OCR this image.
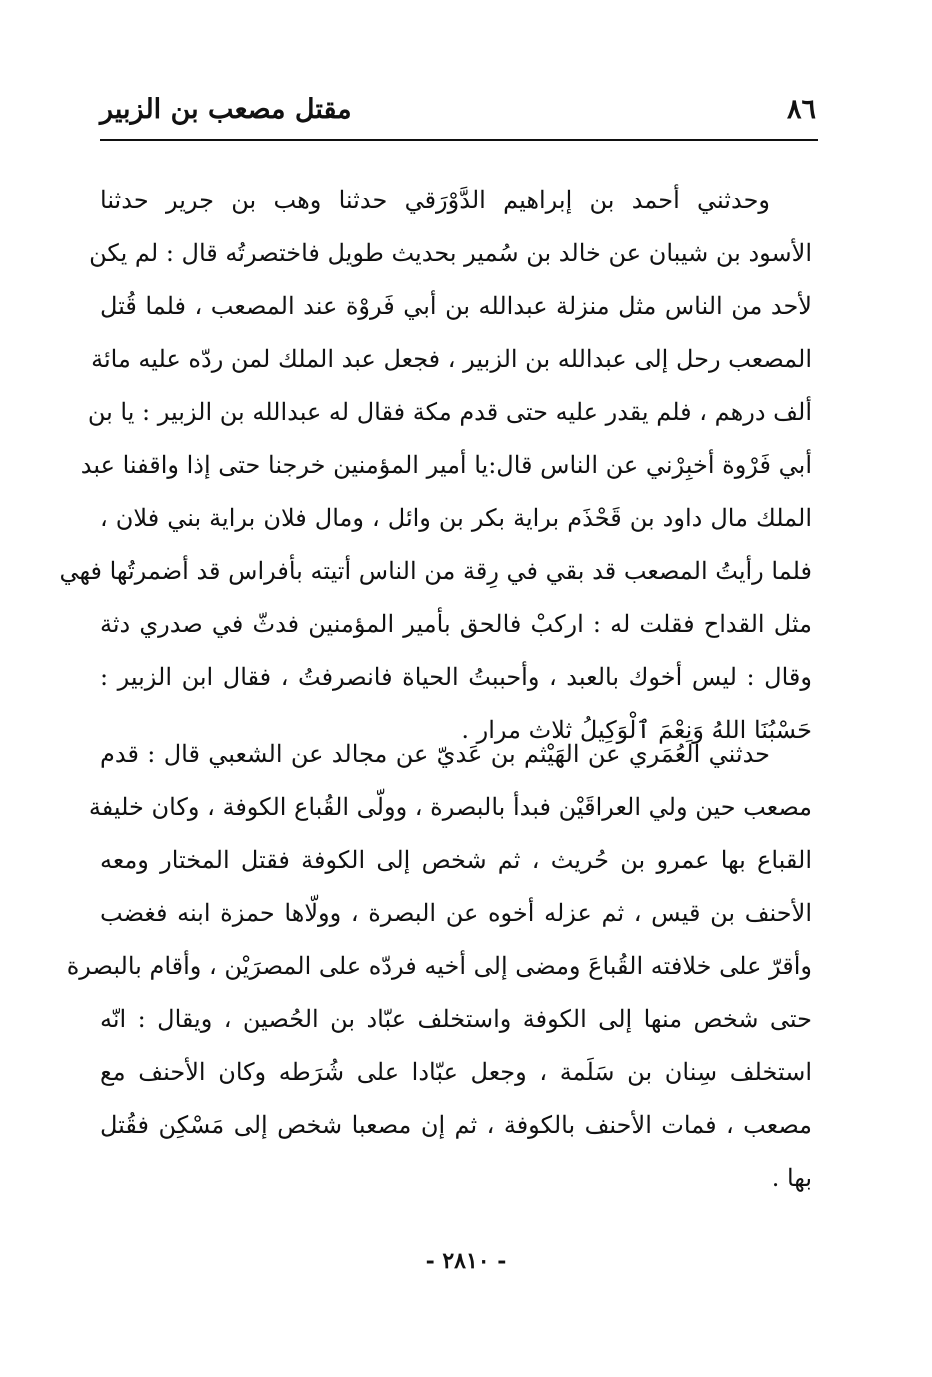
مقتل مصعب بن الزبير	٨٦

وحدثني أحمد بن إبراهيم الدَّوْرَقي حدثنا وهب بن جرير حدثنا
الأسود بن شيبان عن خالد بن سُمير بحديث طويل فاختصرتُه قال : لم يكن
لأحد من الناس مثل منزلة عبدالله بن أبي فَروْة عند المصعب ، فلما قُتل
المصعب رحل إلى عبدالله بن الزبير ، فجعل عبد الملك لمن ردّه عليه مائة
ألف درهم ، فلم يقدر عليه حتى قدم مكة فقال له عبدالله بن الزبير : يا بن
أبي فَرْوة أخبِرْني عن الناس قال:يا أمير المؤمنين خرجنا حتى إذا واقفنا عبد
الملك مال داود بن قَحْذَم براية بكر بن وائل ، ومال فلان براية بني فلان ،
فلما رأيتُ المصعب قد بقي في رِقة من الناس أتيته بأفراس قد أضمرتُها فهي
مثل القداح فقلت له : اركبْ فالحق بأمير المؤمنين فدثّ في صدري دثة
وقال : ليس أخوك بالعبد ، وأحببتُ الحياة فانصرفتُ ، فقال ابن الزبير :
حَسْبُنَا اللهُ وَنِعْمَ ٱلْوَكِيلُ ثلاث مرار .

حدثني العُمَري عن الهَيْثم بن عَديّ عن مجالد عن الشعبي قال : قدم
مصعب حين ولي العراقَيْن فبدأ بالبصرة ، وولّى القُباع الكوفة ، وكان خليفة
القباع بها عمرو بن حُريث ، ثم شخص إلى الكوفة فقتل المختار ومعه
الأحنف بن قيس ، ثم عزله أخوه عن البصرة ، وولّاها حمزة ابنه فغضب
وأقرّ على خلافته القُباعَ ومضى إلى أخيه فردّه على المصرَيْن ، وأقام بالبصرة
حتى شخص منها إلى الكوفة واستخلف عبّاد بن الحُصين ، ويقال : انّه
استخلف سِنان بن سَلَمة ، وجعل عبّادا على شُرَطه وكان الأحنف مع
مصعب ، فمات الأحنف بالكوفة ، ثم إن مصعبا شخص إلى مَسْكِن فقُتل
بها .

- ٢٨١٠ -
